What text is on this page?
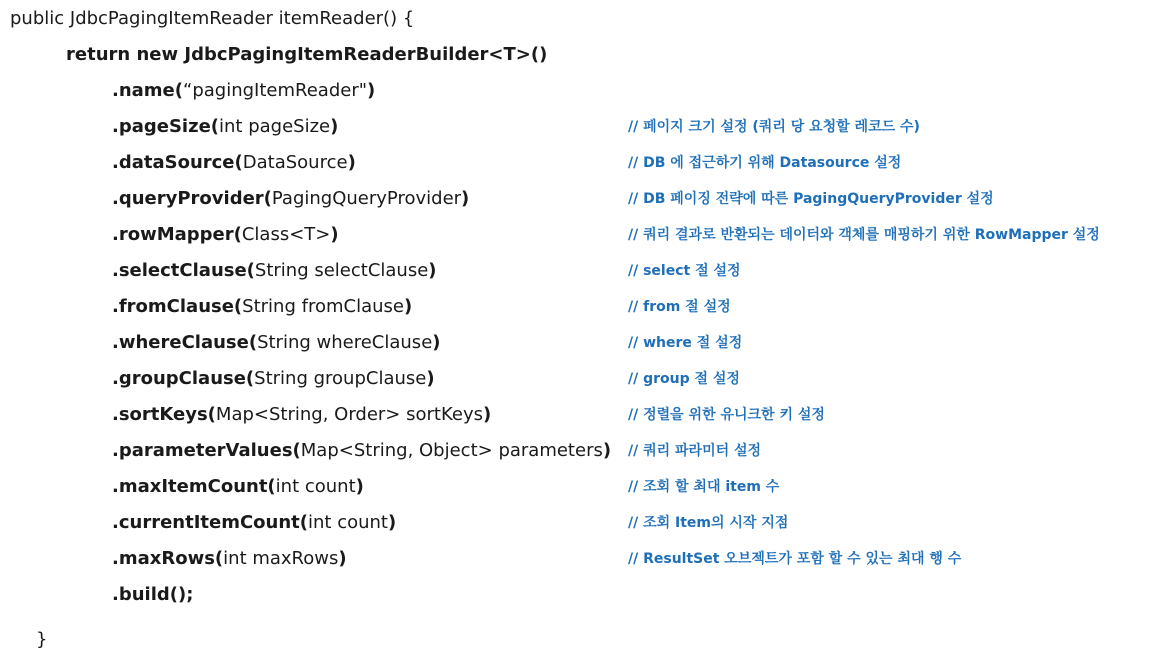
public JdbcPagingItemReader itemReader() {
return new JdbcPagingItemReaderBuilder<T>()
.name(“pagingItemReader")
.pageSize(int pageSize)	// 페이지 크기 설정 (쿼리 당 요청할 레코드 수)
.dataSource(DataSource)	// DB 에 접근하기 위해 Datasource 설정
.queryProvider(PagingQueryProvider)	// DB 페이징 전략에 따른 PagingQueryProvider 설정
.rowMapper(Class<T>)	// 쿼리 결과로 반환되는 데이터와 객체를 매핑하기 위한 RowMapper 설정
.selectClause(String selectClause)	// select 절 설정
.fromClause(String fromClause)	// from 절 설정
.whereClause(String whereClause)	// where 절 설정
.groupClause(String groupClause)	// group 절 설정
.sortKeys(Map<String, Order> sortKeys)	// 정렬을 위한 유니크한 키 설정
.parameterValues(Map<String, Object> parameters) // 쿼리 파라미터 설정
.maxItemCount(int count)	// 조회 할 최대 item 수
.currentItemCount(int count)	// 조회 Item의 시작 지점
.maxRows(int maxRows)	// ResultSet 오브젝트가 포함 할 수 있는 최대 행 수
.build();
}
